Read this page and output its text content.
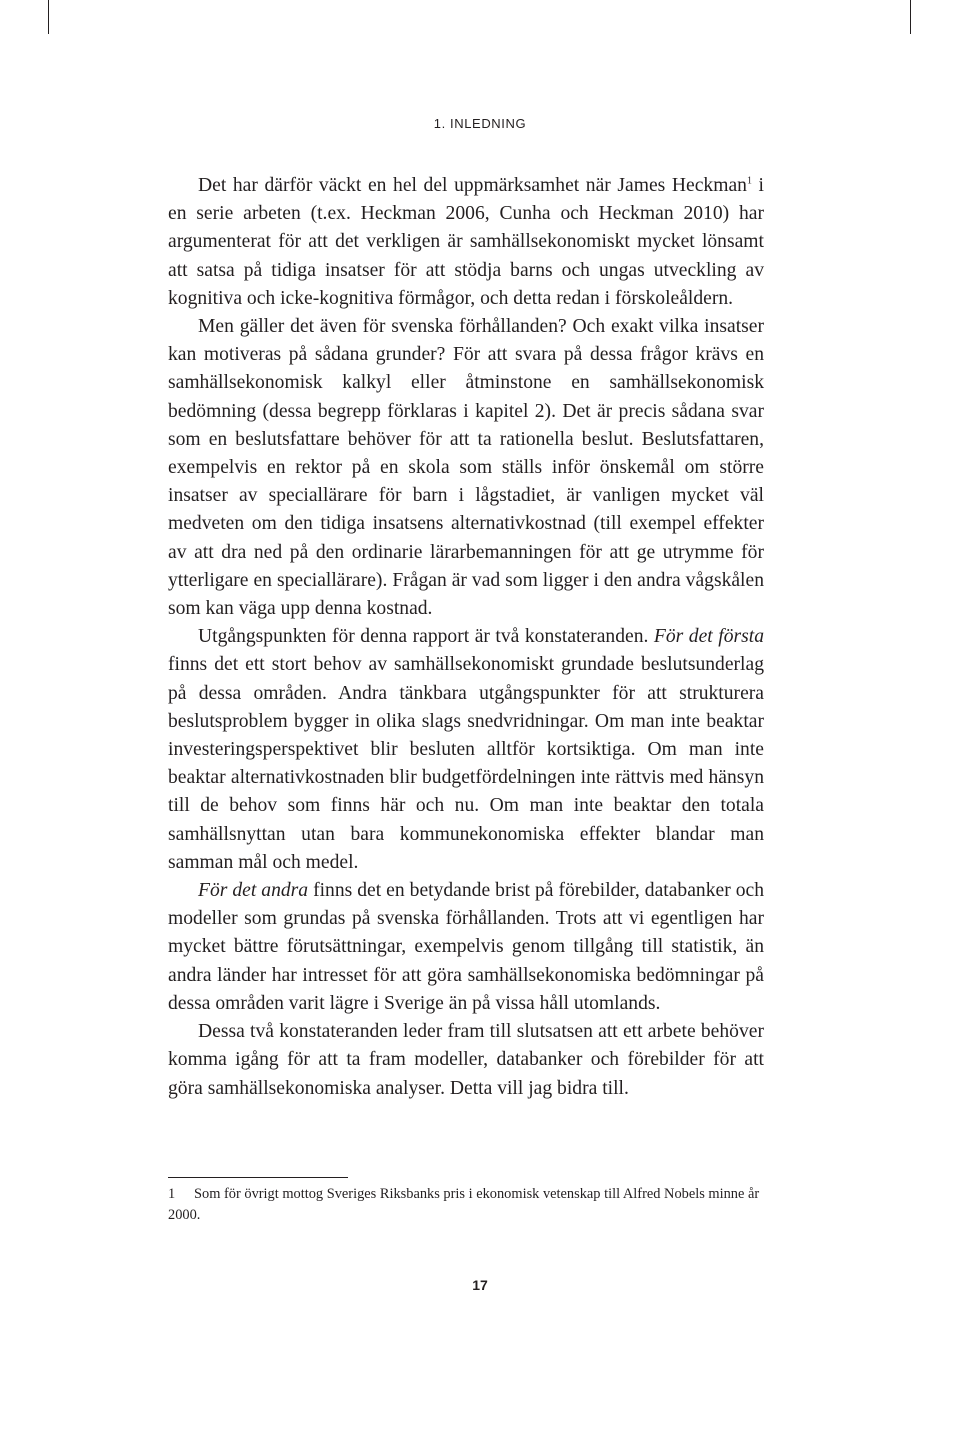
1. INLEDNING

Det har därför väckt en hel del uppmärksamhet när James Heckman$^1$ i en serie arbeten (t.ex. Heckman 2006, Cunha och Heckman 2010) har argumenterat för att det verkligen är samhällsekonomiskt mycket lönsamt att satsa på tidiga insatser för att stödja barns och ungas utveckling av kognitiva och icke-kognitiva förmågor, och detta redan i förskoleåldern.

Men gäller det även för svenska förhållanden? Och exakt vilka insatser kan motiveras på sådana grunder? För att svara på dessa frågor krävs en samhällsekonomisk kalkyl eller åtminstone en samhällsekonomisk bedömning (dessa begrepp förklaras i kapitel 2). Det är precis sådana svar som en beslutsfattare behöver för att ta rationella beslut. Beslutsfattaren, exempelvis en rektor på en skola som ställs inför önskemål om större insatser av speciallärare för barn i lågstadiet, är vanligen mycket väl medveten om den tidiga insatsens alternativkostnad (till exempel effekter av att dra ned på den ordinarie lärarbemanningen för att ge utrymme för ytterligare en speciallärare). Frågan är vad som ligger i den andra vågskålen som kan väga upp denna kostnad.

Utgångspunkten för denna rapport är två konstateranden. För det första finns det ett stort behov av samhällsekonomiskt grundade beslutsunderlag på dessa områden. Andra tänkbara utgångspunkter för att strukturera beslutsproblem bygger in olika slags snedvridningar. Om man inte beaktar investeringsperspektivet blir besluten alltför kortsiktiga. Om man inte beaktar alternativkostnaden blir budgetfördelningen inte rättvis med hänsyn till de behov som finns här och nu. Om man inte beaktar den totala samhällsnyttan utan bara kommunekonomiska effekter blandar man samman mål och medel.

För det andra finns det en betydande brist på förebilder, databanker och modeller som grundas på svenska förhållanden. Trots att vi egentligen har mycket bättre förutsättningar, exempelvis genom tillgång till statistik, än andra länder har intresset för att göra samhällsekonomiska bedömningar på dessa områden varit lägre i Sverige än på vissa håll utomlands.

Dessa två konstateranden leder fram till slutsatsen att ett arbete behöver komma igång för att ta fram modeller, databanker och förebilder för att göra samhällsekonomiska analyser. Detta vill jag bidra till.

1 Som för övrigt mottog Sveriges Riksbanks pris i ekonomisk vetenskap till Alfred Nobels minne år 2000.
17
